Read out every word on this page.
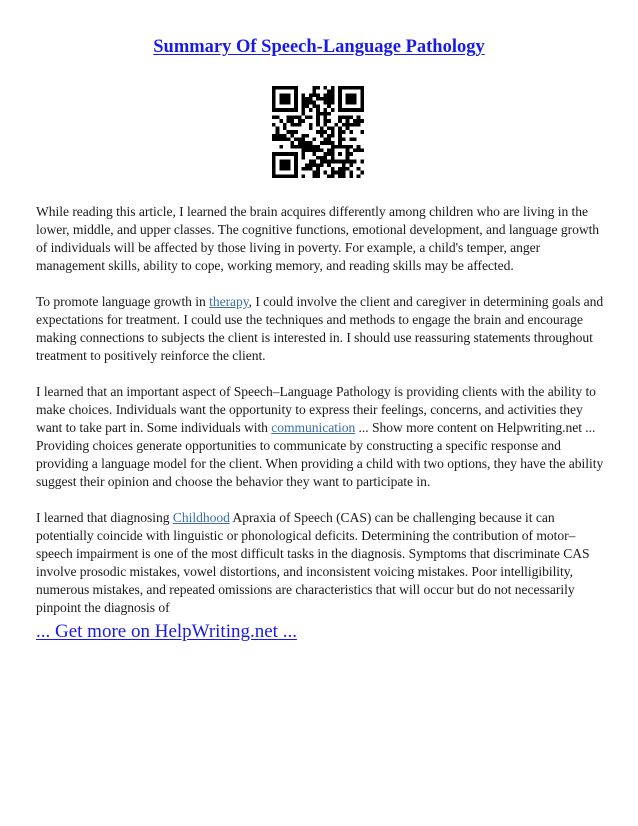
Summary Of Speech-Language Pathology

While reading this article, I learned the brain acquires differently among children who are living in the lower, middle, and upper classes. The cognitive functions, emotional development, and language growth of individuals will be affected by those living in poverty. For example, a child's temper, anger management skills, ability to cope, working memory, and reading skills may be affected.

To promote language growth in therapy, I could involve the client and caregiver in determining goals and expectations for treatment. I could use the techniques and methods to engage the brain and encourage making connections to subjects the client is interested in. I should use reassuring statements throughout treatment to positively reinforce the client.

I learned that an important aspect of Speech–Language Pathology is providing clients with the ability to make choices. Individuals want the opportunity to express their feelings, concerns, and activities they want to take part in. Some individuals with communication ... Show more content on Helpwriting.net ...

Providing choices generate opportunities to communicate by constructing a specific response and providing a language model for the client. When providing a child with two options, they have the ability suggest their opinion and choose the behavior they want to participate in.

I learned that diagnosing Childhood Apraxia of Speech (CAS) can be challenging because it can potentially coincide with linguistic or phonological deficits. Determining the contribution of motor–speech impairment is one of the most difficult tasks in the diagnosis. Symptoms that discriminate CAS involve prosodic mistakes, vowel distortions, and inconsistent voicing mistakes. Poor intelligibility, numerous mistakes, and repeated omissions are characteristics that will occur but do not necessarily pinpoint the diagnosis of

... Get more on HelpWriting.net ...
